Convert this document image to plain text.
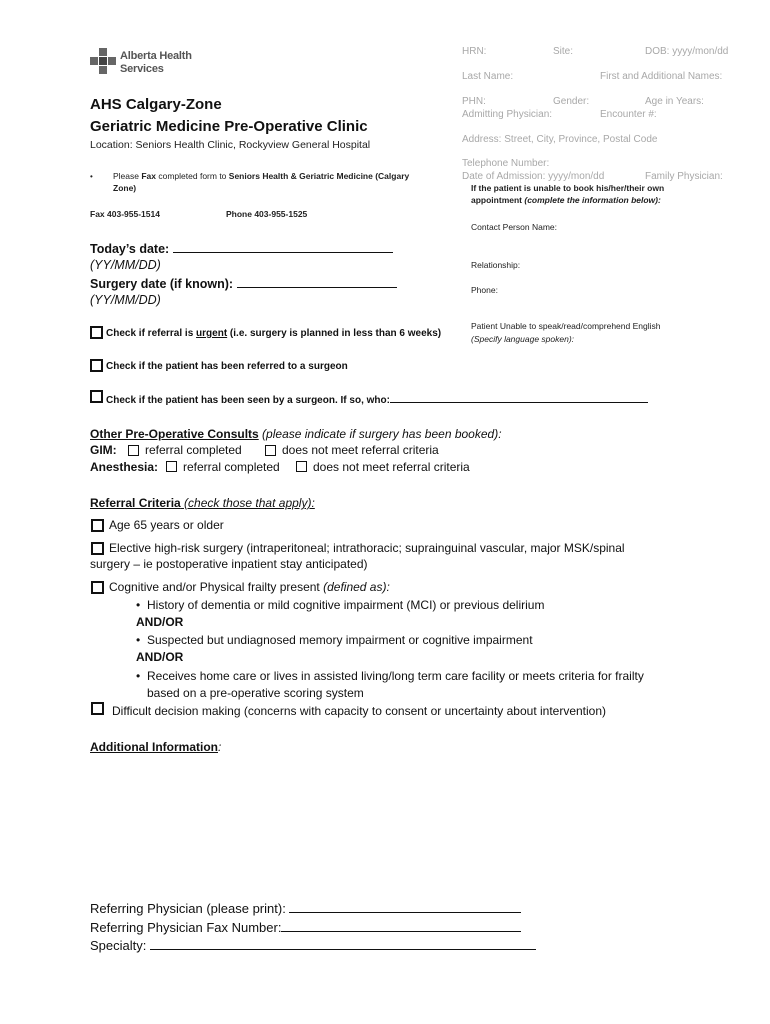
Alberta Health
Services
HRN:	Site:	DOB: yyyy/mon/dd
Last Name:	First and Additional Names:
PHN:	Gender:	Age in Years:
Admitting Physician:	Encounter #:
Address: Street, City, Province, Postal Code
Telephone Number:
Date of Admission: yyyy/mon/dd	Family Physician:
AHS Calgary-Zone
Geriatric Medicine Pre-Operative Clinic
Location: Seniors Health Clinic, Rockyview General Hospital
• Please Fax completed form to Seniors Health & Geriatric Medicine (Calgary
Zone)
Fax 403-955-1514	Phone 403-955-1525
If the patient is unable to book his/her/their own
appointment (complete the information below):
Contact Person Name:
Relationship:
Phone:
Patient Unable to speak/read/comprehend English
(Specify language spoken):
Today’s date:
(YY/MM/DD)
Surgery date (if known):
(YY/MM/DD)
Check if referral is urgent (i.e. surgery is planned in less than 6 weeks)
Check if the patient has been referred to a surgeon
Check if the patient has been seen by a surgeon. If so, who:
Other Pre-Operative Consults (please indicate if surgery has been booked):
GIM: referral completed	does not meet referral criteria
Anesthesia: referral completed	does not meet referral criteria
Referral Criteria (check those that apply):
Age 65 years or older
Elective high-risk surgery (intraperitoneal; intrathoracic; suprainguinal vascular, major MSK/spinal
surgery – ie postoperative inpatient stay anticipated)
Cognitive and/or Physical frailty present (defined as):
• History of dementia or mild cognitive impairment (MCI) or previous delirium
AND/OR
• Suspected but undiagnosed memory impairment or cognitive impairment
AND/OR
• Receives home care or lives in assisted living/long term care facility or meets criteria for frailty
based on a pre-operative scoring system
Difficult decision making (concerns with capacity to consent or uncertainty about intervention)
Additional Information:
Referring Physician (please print):
Referring Physician Fax Number:
Specialty:
